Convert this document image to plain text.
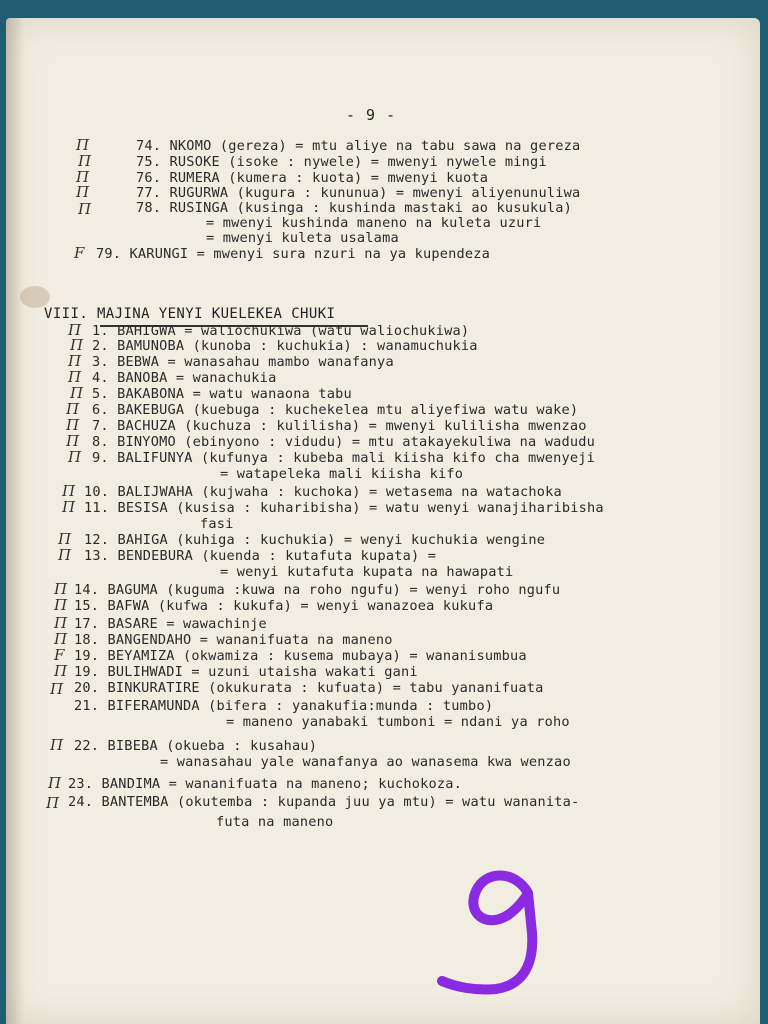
- 9 -
74. NKOMO (gereza) = mtu aliye na tabu sawa na gereza
75. RUSOKE (isoke : nywele) = mwenyi nywele mingi
76. RUMERA (kumera : kuota) = mwenyi kuota
77. RUGURWA (kugura : kununua) = mwenyi aliyenunuliwa
78. RUSINGA (kusinga : kushinda mastaki ao kusukula)
= mwenyi kushinda maneno na kuleta uzuri
= mwenyi kuleta usalama
79. KARUNGI = mwenyi sura nzuri na ya kupendeza
Π
Π
Π
Π
Π
F
VIII. MAJINA YENYI KUELEKEA CHUKI
1. BAHIGWA = waliochukiwa (watu waliochukiwa)
2. BAMUNOBA (kunoba : kuchukia) : wanamuchukia
3. BEBWA = wanasahau mambo wanafanya
4. BANOBA = wanachukia
5. BAKABONA = watu wanaona tabu
6. BAKEBUGA (kuebuga : kuchekelea mtu aliyefiwa watu wake)
7. BACHUZA (kuchuza : kulilisha) = mwenyi kulilisha mwenzao
8. BINYOMO (ebinyono : vidudu) = mtu atakayekuliwa na wadudu
9. BALIFUNYA (kufunya : kubeba mali kiisha kifo cha mwenyeji
= watapeleka mali kiisha kifo
10. BALIJWAHA (kujwaha : kuchoka) = wetasema na watachoka
11. BESISA (kusisa : kuharibisha) = watu wenyi wanajiharibisha
fasi
12. BAHIGA (kuhiga : kuchukia) = wenyi kuchukia wengine
13. BENDEBURA (kuenda : kutafuta kupata) =
= wenyi kutafuta kupata na hawapati
14. BAGUMA (kuguma :kuwa na roho ngufu) = wenyi roho ngufu
15. BAFWA (kufwa : kukufa) = wenyi wanazoea kukufa
17. BASARE = wawachinje
18. BANGENDAHO = wananifuata na maneno
19. BEYAMIZA (okwamiza : kusema mubaya) = wananisumbua
19. BULIHWADI = uzuni utaisha wakati gani
20. BINKURATIRE (okukurata : kufuata) = tabu yananifuata
21. BIFERAMUNDA (bifera : yanakufia:munda : tumbo)
= maneno yanabaki tumboni = ndani ya roho
22. BIBEBA (okueba : kusahau)
= wanasahau yale wanafanya ao wanasema kwa wenzao
23. BANDIMA = wananifuata na maneno; kuchokoza.
24. BANTEMBA (okutemba : kupanda juu ya mtu) = watu wananita-
futa na maneno
Π
Π
Π
Π
Π
Π
Π
Π
Π
Π
Π
Π
Π
Π
Π
Π
Π
F
Π
Π
Π
Π
Π
9
